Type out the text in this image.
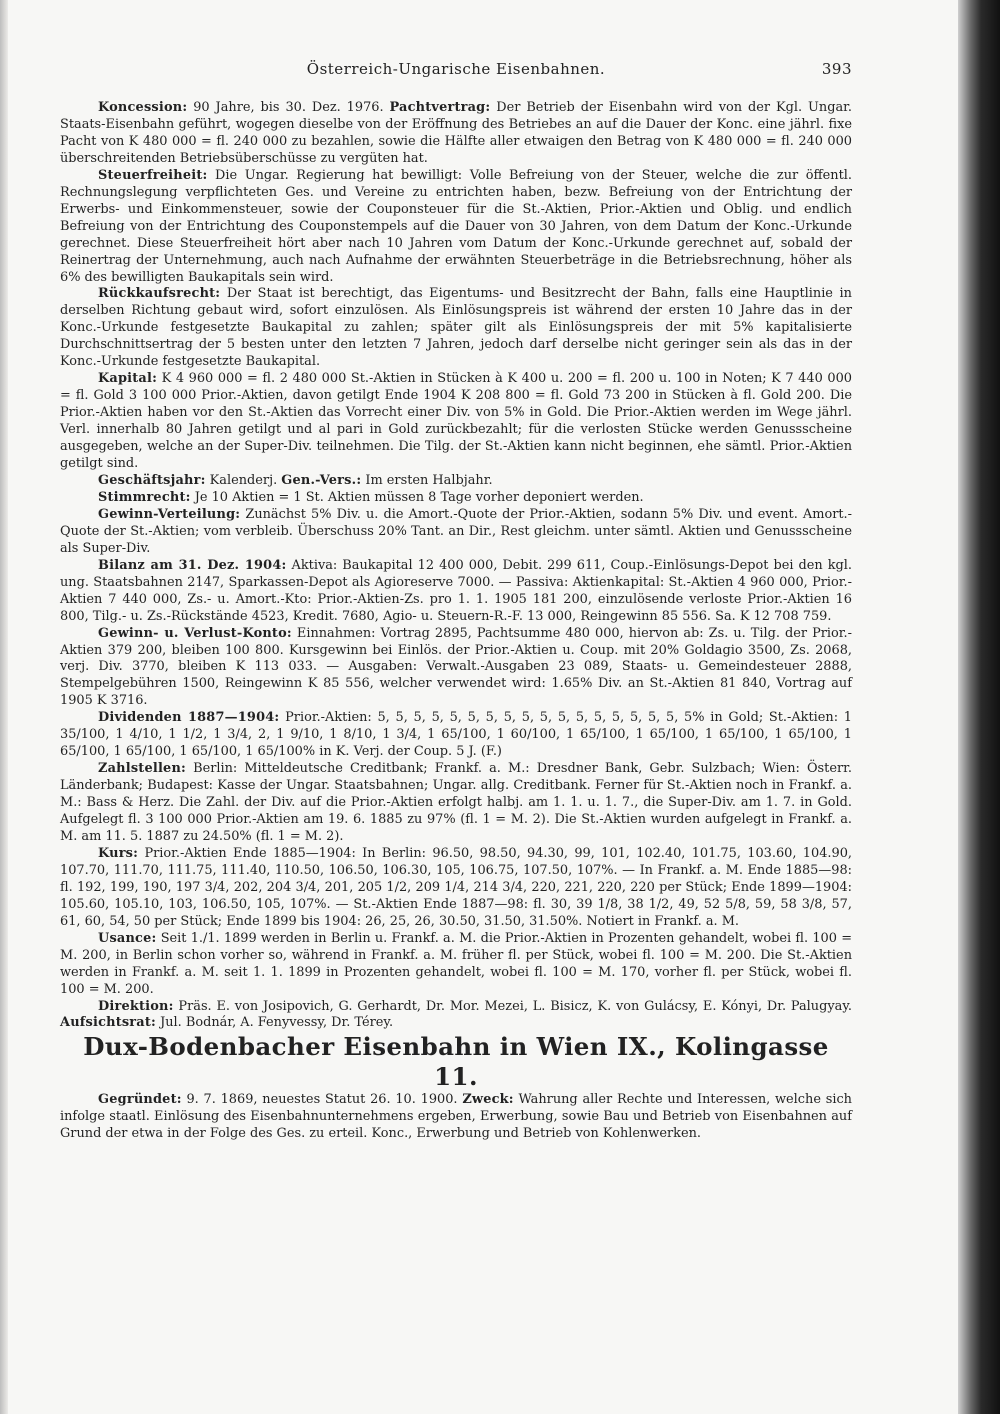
Österreich-Ungarische Eisenbahnen.	393

Koncession: 90 Jahre, bis 30. Dez. 1976. Pachtvertrag: Der Betrieb der Eisenbahn wird von der Kgl. Ungar. Staats-Eisenbahn geführt, wogegen dieselbe von der Eröffnung des Betriebes an auf die Dauer der Konc. eine jährl. fixe Pacht von K 480 000 = fl. 240 000 zu bezahlen, sowie die Hälfte aller etwaigen den Betrag von K 480 000 = fl. 240 000 überschreitenden Betriebsüberschüsse zu vergüten hat.

Steuerfreiheit: Die Ungar. Regierung hat bewilligt: Volle Befreiung von der Steuer, welche die zur öffentl. Rechnungslegung verpflichteten Ges. und Vereine zu entrichten haben, bezw. Befreiung von der Entrichtung der Erwerbs- und Einkommensteuer, sowie der Couponsteuer für die St.-Aktien, Prior.-Aktien und Oblig. und endlich Befreiung von der Entrichtung des Couponstempels auf die Dauer von 30 Jahren, von dem Datum der Konc.-Urkunde gerechnet. Diese Steuerfreiheit hört aber nach 10 Jahren vom Datum der Konc.-Urkunde gerechnet auf, sobald der Reinertrag der Unternehmung, auch nach Aufnahme der erwähnten Steuerbeträge in die Betriebsrechnung, höher als 6% des bewilligten Baukapitals sein wird.

Rückkaufsrecht: Der Staat ist berechtigt, das Eigentums- und Besitzrecht der Bahn, falls eine Hauptlinie in derselben Richtung gebaut wird, sofort einzulösen. Als Einlösungspreis ist während der ersten 10 Jahre das in der Konc.-Urkunde festgesetzte Baukapital zu zahlen; später gilt als Einlösungspreis der mit 5% kapitalisierte Durchschnittsertrag der 5 besten unter den letzten 7 Jahren, jedoch darf derselbe nicht geringer sein als das in der Konc.-Urkunde festgesetzte Baukapital.

Kapital: K 4 960 000 = fl. 2 480 000 St.-Aktien in Stücken à K 400 u. 200 = fl. 200 u. 100 in Noten; K 7 440 000 = fl. Gold 3 100 000 Prior.-Aktien, davon getilgt Ende 1904 K 208 800 = fl. Gold 73 200 in Stücken à fl. Gold 200. Die Prior.-Aktien haben vor den St.-Aktien das Vorrecht einer Div. von 5% in Gold. Die Prior.-Aktien werden im Wege jährl. Verl. innerhalb 80 Jahren getilgt und al pari in Gold zurückbezahlt; für die verlosten Stücke werden Genussscheine ausgegeben, welche an der Super-Div. teilnehmen. Die Tilg. der St.-Aktien kann nicht beginnen, ehe sämtl. Prior.-Aktien getilgt sind.

Geschäftsjahr: Kalenderj. Gen.-Vers.: Im ersten Halbjahr.

Stimmrecht: Je 10 Aktien = 1 St. Aktien müssen 8 Tage vorher deponiert werden.

Gewinn-Verteilung: Zunächst 5% Div. u. die Amort.-Quote der Prior.-Aktien, sodann 5% Div. und event. Amort.-Quote der St.-Aktien; vom verbleib. Überschuss 20% Tant. an Dir., Rest gleichm. unter sämtl. Aktien und Genussscheine als Super-Div.

Bilanz am 31. Dez. 1904: Aktiva: Baukapital 12 400 000, Debit. 299 611, Coup.-Einlösungs-Depot bei den kgl. ung. Staatsbahnen 2147, Sparkassen-Depot als Agioreserve 7000. — Passiva: Aktienkapital: St.-Aktien 4 960 000, Prior.-Aktien 7 440 000, Zs.- u. Amort.-Kto: Prior.-Aktien-Zs. pro 1. 1. 1905 181 200, einzulösende verloste Prior.-Aktien 16 800, Tilg.- u. Zs.-Rückstände 4523, Kredit. 7680, Agio- u. Steuern-R.-F. 13 000, Reingewinn 85 556. Sa. K 12 708 759.

Gewinn- u. Verlust-Konto: Einnahmen: Vortrag 2895, Pachtsumme 480 000, hiervon ab: Zs. u. Tilg. der Prior.-Aktien 379 200, bleiben 100 800. Kursgewinn bei Einlös. der Prior.-Aktien u. Coup. mit 20% Goldagio 3500, Zs. 2068, verj. Div. 3770, bleiben K 113 033. — Ausgaben: Verwalt.-Ausgaben 23 089, Staats- u. Gemeindesteuer 2888, Stempelgebühren 1500, Reingewinn K 85 556, welcher verwendet wird: 1.65% Div. an St.-Aktien 81 840, Vortrag auf 1905 K 3716.

Dividenden 1887—1904: Prior.-Aktien: 5, 5, 5, 5, 5, 5, 5, 5, 5, 5, 5, 5, 5, 5, 5, 5, 5, 5% in Gold; St.-Aktien: 1 35/100, 1 4/10, 1 1/2, 1 3/4, 2, 1 9/10, 1 8/10, 1 3/4, 1 65/100, 1 60/100, 1 65/100, 1 65/100, 1 65/100, 1 65/100, 1 65/100, 1 65/100, 1 65/100, 1 65/100% in K. Verj. der Coup. 5 J. (F.)

Zahlstellen: Berlin: Mitteldeutsche Creditbank; Frankf. a. M.: Dresdner Bank, Gebr. Sulzbach; Wien: Österr. Länderbank; Budapest: Kasse der Ungar. Staatsbahnen; Ungar. allg. Creditbank. Ferner für St.-Aktien noch in Frankf. a. M.: Bass & Herz. Die Zahl. der Div. auf die Prior.-Aktien erfolgt halbj. am 1. 1. u. 1. 7., die Super-Div. am 1. 7. in Gold. Aufgelegt fl. 3 100 000 Prior.-Aktien am 19. 6. 1885 zu 97% (fl. 1 = M. 2). Die St.-Aktien wurden aufgelegt in Frankf. a. M. am 11. 5. 1887 zu 24.50% (fl. 1 = M. 2).

Kurs: Prior.-Aktien Ende 1885—1904: In Berlin: 96.50, 98.50, 94.30, 99, 101, 102.40, 101.75, 103.60, 104.90, 107.70, 111.70, 111.75, 111.40, 110.50, 106.50, 106.30, 105, 106.75, 107.50, 107%. — In Frankf. a. M. Ende 1885—98: fl. 192, 199, 190, 197 3/4, 202, 204 3/4, 201, 205 1/2, 209 1/4, 214 3/4, 220, 221, 220, 220 per Stück; Ende 1899—1904: 105.60, 105.10, 103, 106.50, 105, 107%. — St.-Aktien Ende 1887—98: fl. 30, 39 1/8, 38 1/2, 49, 52 5/8, 59, 58 3/8, 57, 61, 60, 54, 50 per Stück; Ende 1899 bis 1904: 26, 25, 26, 30.50, 31.50, 31.50%. Notiert in Frankf. a. M.

Usance: Seit 1./1. 1899 werden in Berlin u. Frankf. a. M. die Prior.-Aktien in Prozenten gehandelt, wobei fl. 100 = M. 200, in Berlin schon vorher so, während in Frankf. a. M. früher fl. per Stück, wobei fl. 100 = M. 200. Die St.-Aktien werden in Frankf. a. M. seit 1. 1. 1899 in Prozenten gehandelt, wobei fl. 100 = M. 170, vorher fl. per Stück, wobei fl. 100 = M. 200.

Direktion: Präs. E. von Josipovich, G. Gerhardt, Dr. Mor. Mezei, L. Bisicz, K. von Gulácsy, E. Kónyi, Dr. Palugyay. Aufsichtsrat: Jul. Bodnár, A. Fenyvessy, Dr. Térey.

Dux-Bodenbacher Eisenbahn in Wien IX., Kolingasse 11.

Gegründet: 9. 7. 1869, neuestes Statut 26. 10. 1900. Zweck: Wahrung aller Rechte und Interessen, welche sich infolge staatl. Einlösung des Eisenbahnunternehmens ergeben, Erwerbung, sowie Bau und Betrieb von Eisenbahnen auf Grund der etwa in der Folge des Ges. zu erteil. Konc., Erwerbung und Betrieb von Kohlenwerken.
